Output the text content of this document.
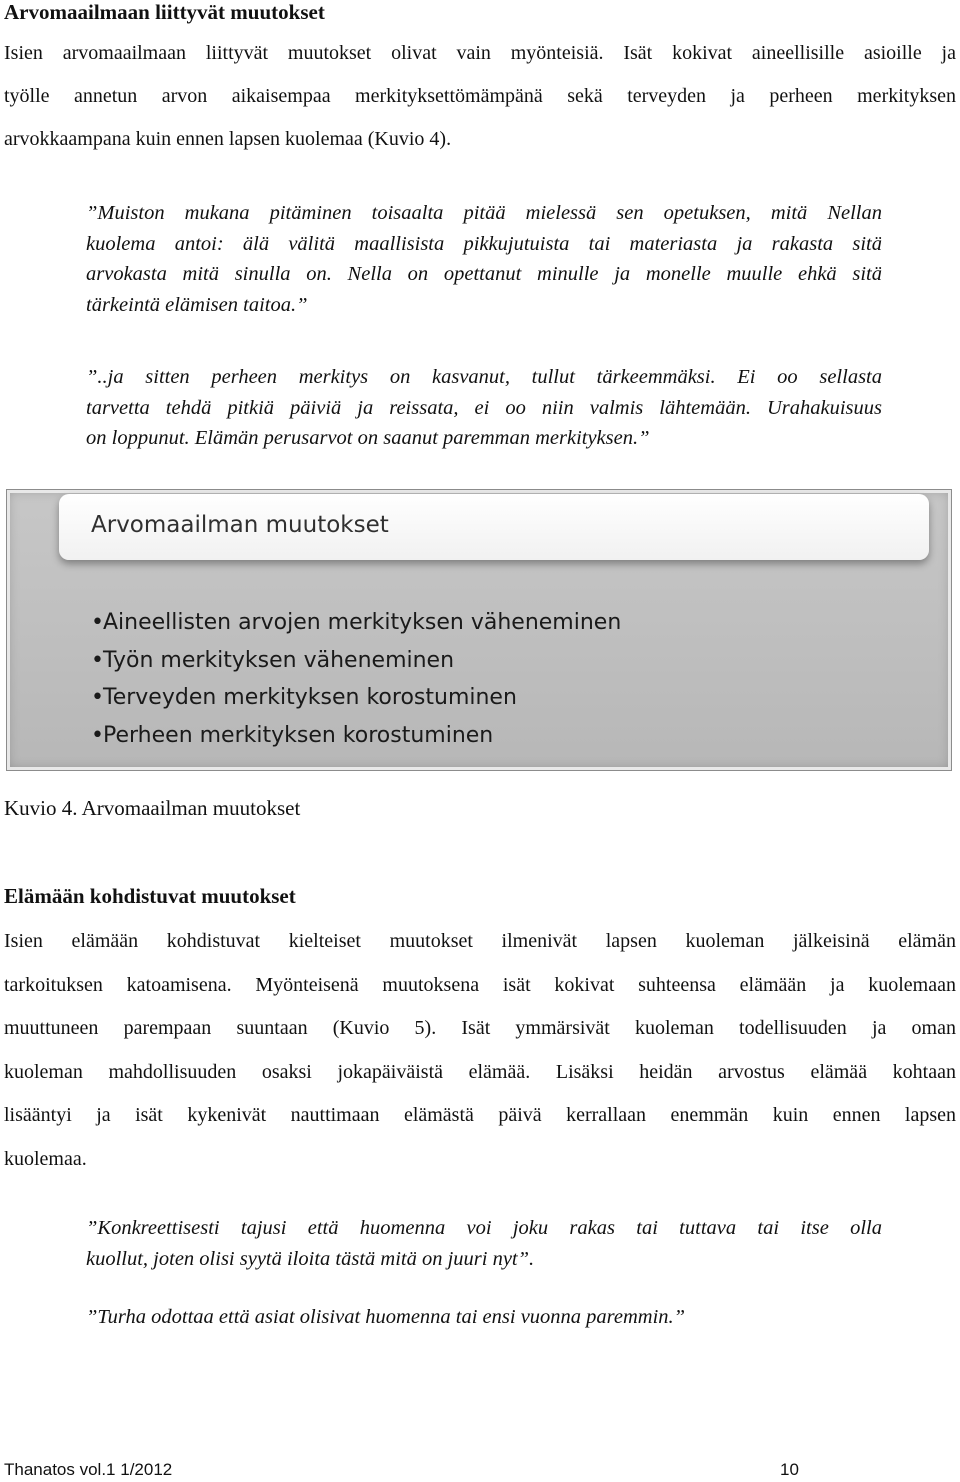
Arvomaailmaan liittyvät muutokset
Isien arvomaailmaan liittyvät muutokset olivat vain myönteisiä. Isät kokivat aineellisille asioille ja
työlle annetun arvon aikaisempaa merkityksettömämpänä sekä terveyden ja perheen merkityksen
arvokkaampana kuin ennen lapsen kuolemaa (Kuvio 4).
”Muiston mukana pitäminen toisaalta pitää mielessä sen opetuksen, mitä Nellan
kuolema antoi: älä välitä maallisista pikkujutuista tai materiasta ja rakasta sitä
arvokasta mitä sinulla on. Nella on opettanut minulle ja monelle muulle ehkä sitä
tärkeintä elämisen taitoa.”
”..ja sitten perheen merkitys on kasvanut, tullut tärkeemmäksi. Ei oo sellasta
tarvetta tehdä pitkiä päiviä ja reissata, ei oo niin valmis lähtemään. Urahakuisuus
on loppunut. Elämän perusarvot on saanut paremman merkityksen.”
Arvomaailman muutokset
•Aineellisten arvojen merkityksen väheneminen
•Työn merkityksen väheneminen
•Terveyden merkityksen korostuminen
•Perheen merkityksen korostuminen
Kuvio 4. Arvomaailman muutokset
Elämään kohdistuvat muutokset
Isien elämään kohdistuvat kielteiset muutokset ilmenivät lapsen kuoleman jälkeisinä elämän
tarkoituksen katoamisena. Myönteisenä muutoksena isät kokivat suhteensa elämään ja kuolemaan
muuttuneen parempaan suuntaan (Kuvio 5). Isät ymmärsivät kuoleman todellisuuden ja oman
kuoleman mahdollisuuden osaksi jokapäiväistä elämää. Lisäksi heidän arvostus elämää kohtaan
lisääntyi ja isät kykenivät nauttimaan elämästä päivä kerrallaan enemmän kuin ennen lapsen
kuolemaa.
”Konkreettisesti tajusi että huomenna voi joku rakas tai tuttava tai itse olla
kuollut, joten olisi syytä iloita tästä mitä on juuri nyt”.
”Turha odottaa että asiat olisivat huomenna tai ensi vuonna paremmin.”
Thanatos vol.1 1/2012	10
